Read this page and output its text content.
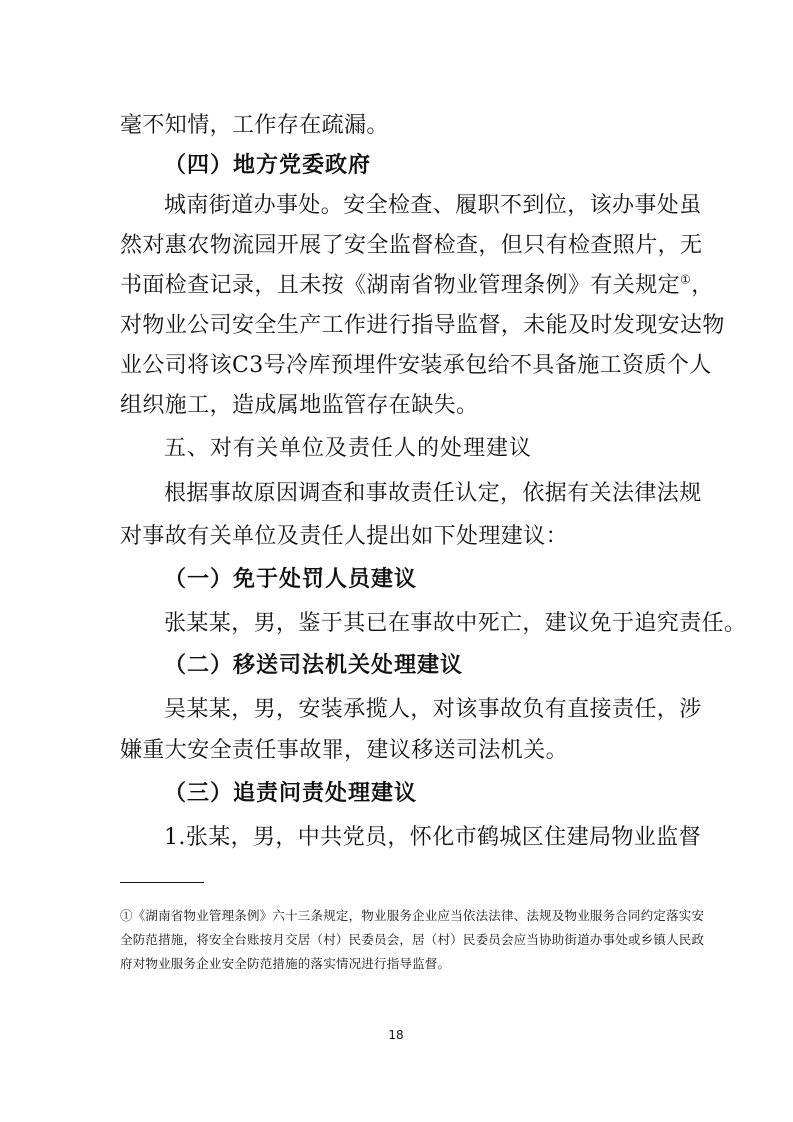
毫不知情，工作存在疏漏。
（四）地方党委政府
城南街道办事处。安全检查、履职不到位，该办事处虽
然对惠农物流园开展了安全监督检查，但只有检查照片，无
书面检查记录，且未按《湖南省物业管理条例》有关规定①，
对物业公司安全生产工作进行指导监督，未能及时发现安达物
业公司将该C3号冷库预埋件安装承包给不具备施工资质个人
组织施工，造成属地监管存在缺失。
五、对有关单位及责任人的处理建议
根据事故原因调查和事故责任认定，依据有关法律法规
对事故有关单位及责任人提出如下处理建议：
（一）免于处罚人员建议
张某某，男，鉴于其已在事故中死亡，建议免于追究责任。
（二）移送司法机关处理建议
吴某某，男，安装承揽人，对该事故负有直接责任，涉
嫌重大安全责任事故罪，建议移送司法机关。
（三）追责问责处理建议
1.张某，男，中共党员，怀化市鹤城区住建局物业监督
①《湖南省物业管理条例》六十三条规定，物业服务企业应当依法法律、法规及物业服务合同约定落实安
全防范措施，将安全台账按月交居（村）民委员会，居（村）民委员会应当协助街道办事处或乡镇人民政
府对物业服务企业安全防范措施的落实情况进行指导监督。
18
